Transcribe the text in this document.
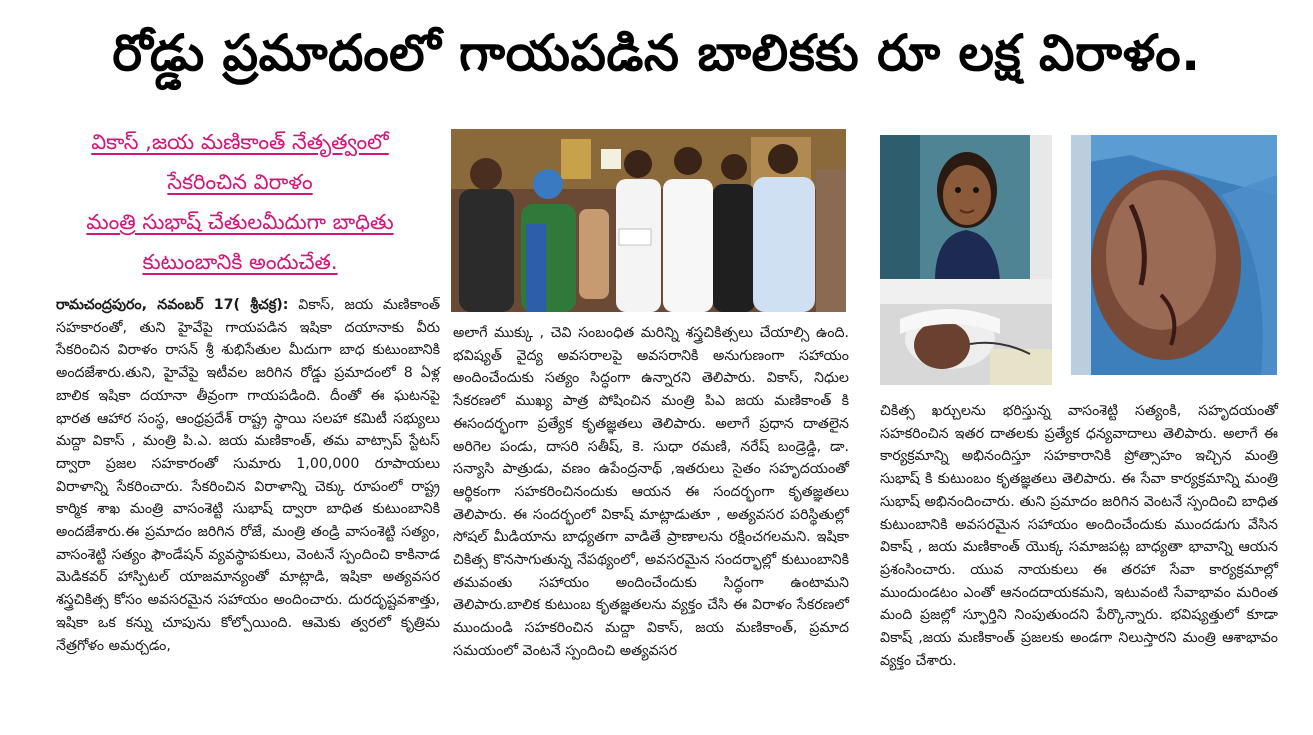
రోడ్డు ప్రమాదంలో గాయపడిన బాలికకు రూ లక్ష విరాళం.
వికాస్ ,జయ మణికాంత్ నేతృత్వంలో
సేకరించిన విరాళం
మంత్రి సుభాష్ చేతులమీదుగా బాధితు
కుటుంబానికి అందుచేత.

రామచంద్రపురం, నవంబర్ 17( శ్రీచక్ర): వికాస్, జయ మణికాంత్ సహకారంతో, తుని హైవేపై గాయపడిన ఇషికా దయానాకు వీరు సేకరించిన విరాళం రాసన్ శ్రీ శుభిసేతుల మీదుగా బాధ కుటుంబానికి అందజేశారు.తుని, హైవేపై ఇటీవల జరిగిన రోడ్డు ప్రమాదంలో 8 ఏళ్ల బాలిక ఇషికా దయానా తీవ్రంగా గాయపడింది. దీంతో ఈ ఘటనపై భారత ఆహార సంస్థ, ఆంధ్రప్రదేశ్ రాష్ట్ర స్థాయి సలహా కమిటీ సభ్యులు మద్దా వికాస్ , మంత్రి పి.ఎ. జయ మణికాంత్, తమ వాట్సాప్ స్టేటస్ ద్వారా ప్రజల సహకారంతో సుమారు 1,00,000 రూపాయలు విరాళాన్ని సేకరించారు. సేకరించిన విరాళాన్ని చెక్కు రూపంలో రాష్ట్ర కార్మిక శాఖ మంత్రి వాసంశెట్టి సుభాష్ ద్వారా బాధిత కుటుంబానికి అందజేశారు.ఈ ప్రమాదం జరిగిన రోజే, మంత్రి తండ్రి వాసంశెట్టి సత్యం, వాసంశెట్టి సత్యం ఫౌండేషన్ వ్యవస్థాపకులు, వెంటనే స్పందించి కాకినాడ మెడికవర్ హాస్పిటల్ యాజమాన్యంతో మాట్లాడి, ఇషికా అత్యవసర శస్త్రచికిత్స కోసం అవసరమైన సహాయం అందించారు. దురదృష్టవశాత్తు, ఇషికా ఒక కన్ను చూపును కోల్పోయింది. ఆమెకు త్వరలో కృత్రిమ నేత్రగోళం అమర్చడం,

అలాగే ముక్కు , చెవి సంబంధిత మరిన్ని శస్త్రచికిత్సలు చేయాల్సి ఉంది. భవిష్యత్ వైద్య అవసరాలపై అవసరానికి అనుగుణంగా సహాయం అందించేందుకు సత్యం సిద్ధంగా ఉన్నారని తెలిపారు. వికాస్, నిధుల సేకరణలో ముఖ్య పాత్ర పోషించిన మంత్రి పిఎ జయ మణికాంత్ కి ఈసందర్భంగా ప్రత్యేక కృతజ్ఞతలు తెలిపారు. అలాగే ప్రధాన దాతలైన అరిగెల పండు, దాసరి సతీష్, కె. సుధా రమణి, నరేష్ బండ్రెడ్డి, డా. సన్యాసి పాత్రుడు, వణం ఉపేంద్రనాథ్ ,ఇతరులు సైతం సహృదయంతో ఆర్థికంగా సహకరించినందుకు ఆయన ఈ సందర్భంగా కృతజ్ఞతలు తెలిపారు. ఈ సందర్భంలో వికాష్ మాట్లాడుతూ , అత్యవసర పరిస్థితుల్లో సోషల్ మీడియాను బాధ్యతగా వాడితే ప్రాణాలను రక్షించగలమని. ఇషికా చికిత్స కొనసాగుతున్న నేపథ్యంలో, అవసరమైన సందర్భాల్లో కుటుంబానికి తమవంతు సహాయం అందించేందుకు సిద్ధంగా ఉంటామని తెలిపారు.బాలిక కుటుంబ కృతజ్ఞతలను వ్యక్తం చేసి ఈ విరాళం సేకరణలో ముందుండి సహకరించిన మద్దా వికాస్, జయ మణికాంత్, ప్రమాద సమయంలో వెంటనే స్పందించి అత్యవసర

చికిత్స ఖర్చులను భరిస్తున్న వాసంశెట్టి సత్యంకి, సహృదయంతో సహకరించిన ఇతర దాతలకు ప్రత్యేక ధన్యవాదాలు తెలిపారు. అలాగే ఈ కార్యక్రమాన్ని అభినందిస్తూ సహకారానికి ప్రోత్సాహం ఇచ్చిన మంత్రి సుభాష్ కి కుటుంబం కృతజ్ఞతలు తెలిపారు. ఈ సేవా కార్యక్రమాన్ని మంత్రి సుభాష్ అభినందించారు. తుని ప్రమాదం జరిగిన వెంటనే స్పందించి బాధిత కుటుంబానికి అవసరమైన సహాయం అందించేందుకు ముందడుగు వేసిన వికాష్ , జయ మణికాంత్ యొక్క సమాజపట్ల బాధ్యతా భావాన్ని ఆయన ప్రశంసించారు. యువ నాయకులు ఈ తరహా సేవా కార్యక్రమాల్లో ముందుండటం ఎంతో ఆనందదాయకమని, ఇటువంటి సేవాభావం మరింత మంది ప్రజల్లో స్ఫూర్తిని నింపుతుందని పేర్కొన్నారు. భవిష్యత్తులో కూడా వికాష్ ,జయ మణికాంత్ ప్రజలకు అండగా నిలుస్తారని మంత్రి ఆశాభావం వ్యక్తం చేశారు.
